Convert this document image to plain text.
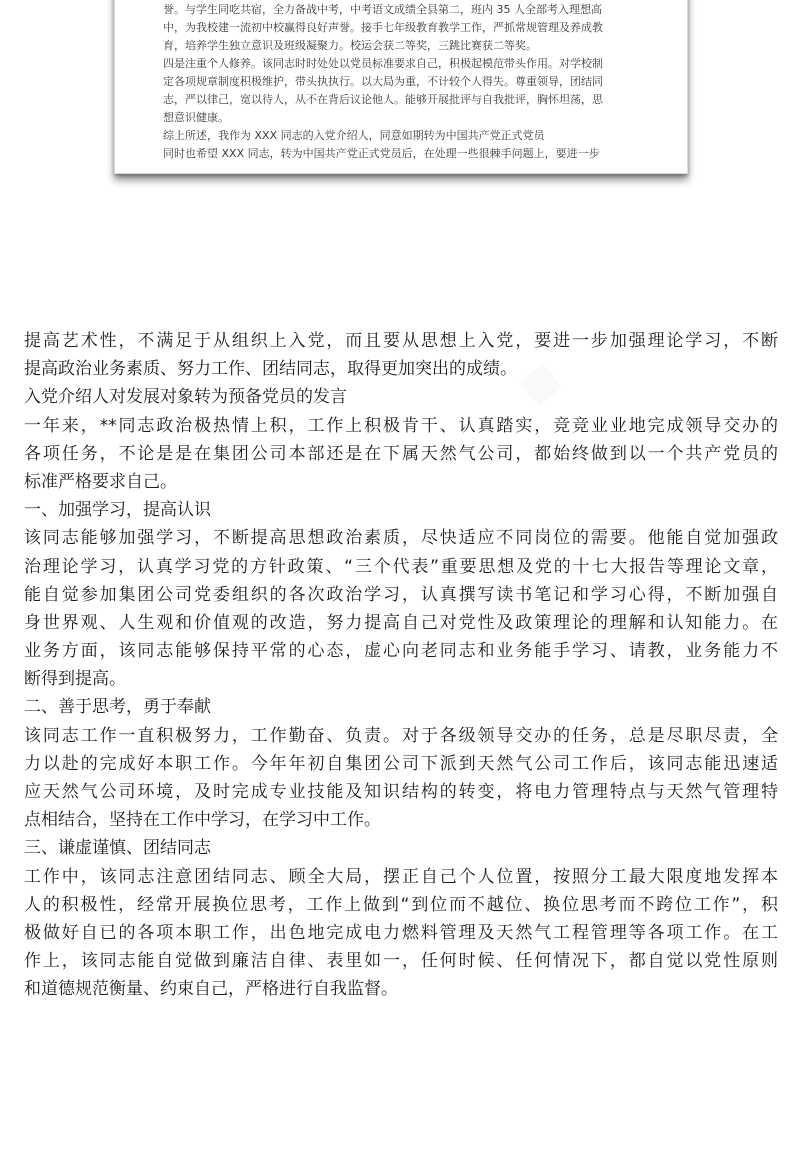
誉。与学生同吃共宿，全力备战中考，中考语文成绩全县第二，班内 35 人全部考入理想高
中，为我校建一流初中校赢得良好声誉。接手七年级教育教学工作，严抓常规管理及养成教
育，培养学生独立意识及班级凝聚力。校运会获二等奖，三跳比赛获二等奖。
四是注重个人修养。该同志时时处处以党员标准要求自己，积极起模范带头作用。对学校制
定各项规章制度积极维护，带头执执行。以大局为重，不计较个人得失。尊重领导，团结同
志，严以律己，宽以待人，从不在背后议论他人。能够开展批评与自我批评，胸怀坦荡，思
想意识健康。
综上所述，我作为 XXX 同志的入党介绍人，同意如期转为中国共产党正式党员
同时也希望 XXX 同志，转为中国共产党正式党员后，在处理一些很棘手问题上，要进一步
■
提高艺术性，不满足于从组织上入党，而且要从思想上入党，要进一步加强理论学习，不断
提高政治业务素质、努力工作、团结同志，取得更加突出的成绩。
入党介绍人对发展对象转为预备党员的发言
一年来，**同志政治极热情上积，工作上积极肯干、认真踏实，竞竞业业地完成领导交办的
各项任务，不论是是在集团公司本部还是在下属天然气公司，都始终做到以一个共产党员的
标准严格要求自己。
一、加强学习，提高认识
该同志能够加强学习，不断提高思想政治素质，尽快适应不同岗位的需要。他能自觉加强政
治理论学习，认真学习党的方针政策、“三个代表”重要思想及党的十七大报告等理论文章，
能自觉参加集团公司党委组织的各次政治学习，认真撰写读书笔记和学习心得，不断加强自
身世界观、人生观和价值观的改造，努力提高自己对党性及政策理论的理解和认知能力。在
业务方面，该同志能够保持平常的心态，虚心向老同志和业务能手学习、请教，业务能力不
断得到提高。
二、善于思考，勇于奉献
该同志工作一直积极努力，工作勤奋、负责。对于各级领导交办的任务，总是尽职尽责，全
力以赴的完成好本职工作。今年年初自集团公司下派到天然气公司工作后，该同志能迅速适
应天然气公司环境，及时完成专业技能及知识结构的转变，将电力管理特点与天然气管理特
点相结合，坚持在工作中学习，在学习中工作。
三、谦虚谨慎、团结同志
工作中，该同志注意团结同志、顾全大局，摆正自己个人位置，按照分工最大限度地发挥本
人的积极性，经常开展换位思考，工作上做到“到位而不越位、换位思考而不跨位工作”，积
极做好自已的各项本职工作，出色地完成电力燃料管理及天然气工程管理等各项工作。在工
作上，该同志能自觉做到廉洁自律、表里如一，任何时候、任何情况下，都自觉以党性原则
和道德规范衡量、约束自己，严格进行自我监督。
